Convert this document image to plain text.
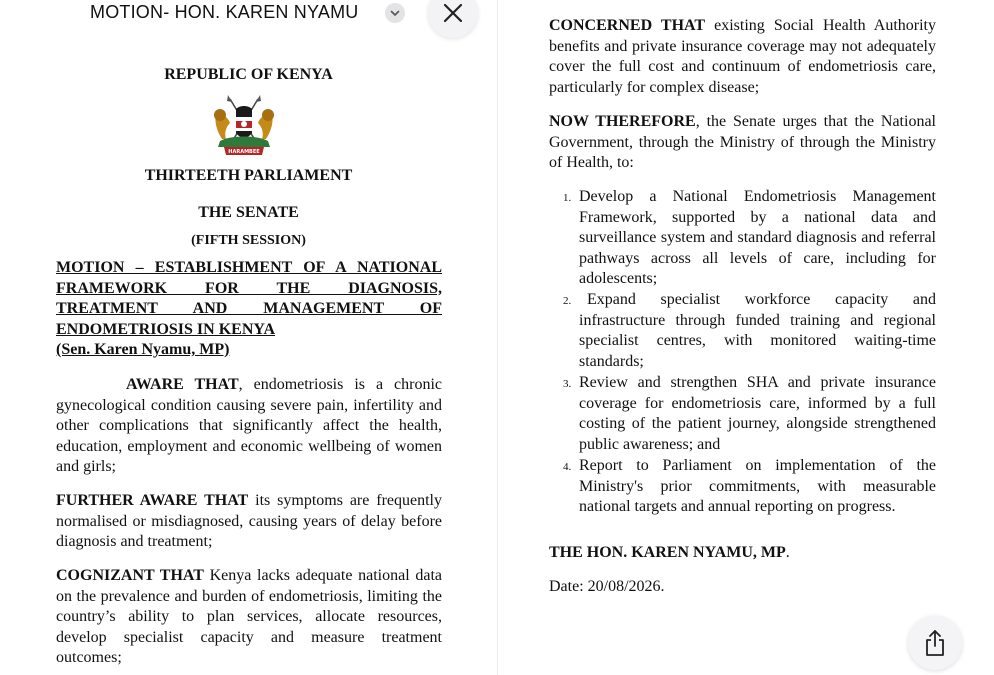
MOTION- HON. KAREN NYAMU
REPUBLIC OF KENYA
HARAMBEE
THIRTEETH PARLIAMENT
THE SENATE
(FIFTH SESSION)
MOTION – ESTABLISHMENT OF A NATIONAL
FRAMEWORK FOR THE DIAGNOSIS,
TREATMENT AND MANAGEMENT OF
ENDOMETRIOSIS IN KENYA
(Sen. Karen Nyamu, MP)
AWARE THAT, endometriosis is a chronic gynecological condition causing severe pain, infertility and other complications that significantly affect the health, education, employment and economic wellbeing of women and girls;
FURTHER AWARE THAT its symptoms are frequently normalised or misdiagnosed, causing years of delay before diagnosis and treatment;
COGNIZANT THAT Kenya lacks adequate national data on the prevalence and burden of endometriosis, limiting the country’s ability to plan services, allocate resources, develop specialist capacity and measure treatment outcomes;
CONCERNED THAT existing Social Health Authority benefits and private insurance coverage may not adequately cover the full cost and continuum of endometriosis care, particularly for complex disease;
NOW THEREFORE, the Senate urges that the National Government, through the Ministry of through the Ministry of Health, to:
1. Develop a National Endometriosis Management Framework, supported by a national data and surveillance system and standard diagnosis and referral pathways across all levels of care, including for adolescents;
2. Expand specialist workforce capacity and infrastructure through funded training and regional specialist centres, with monitored waiting-time standards;
3. Review and strengthen SHA and private insurance coverage for endometriosis care, informed by a full costing of the patient journey, alongside strengthened public awareness; and
4. Report to Parliament on implementation of the Ministry's prior commitments, with measurable national targets and annual reporting on progress.
THE HON. KAREN NYAMU, MP.
Date: 20/08/2026.
